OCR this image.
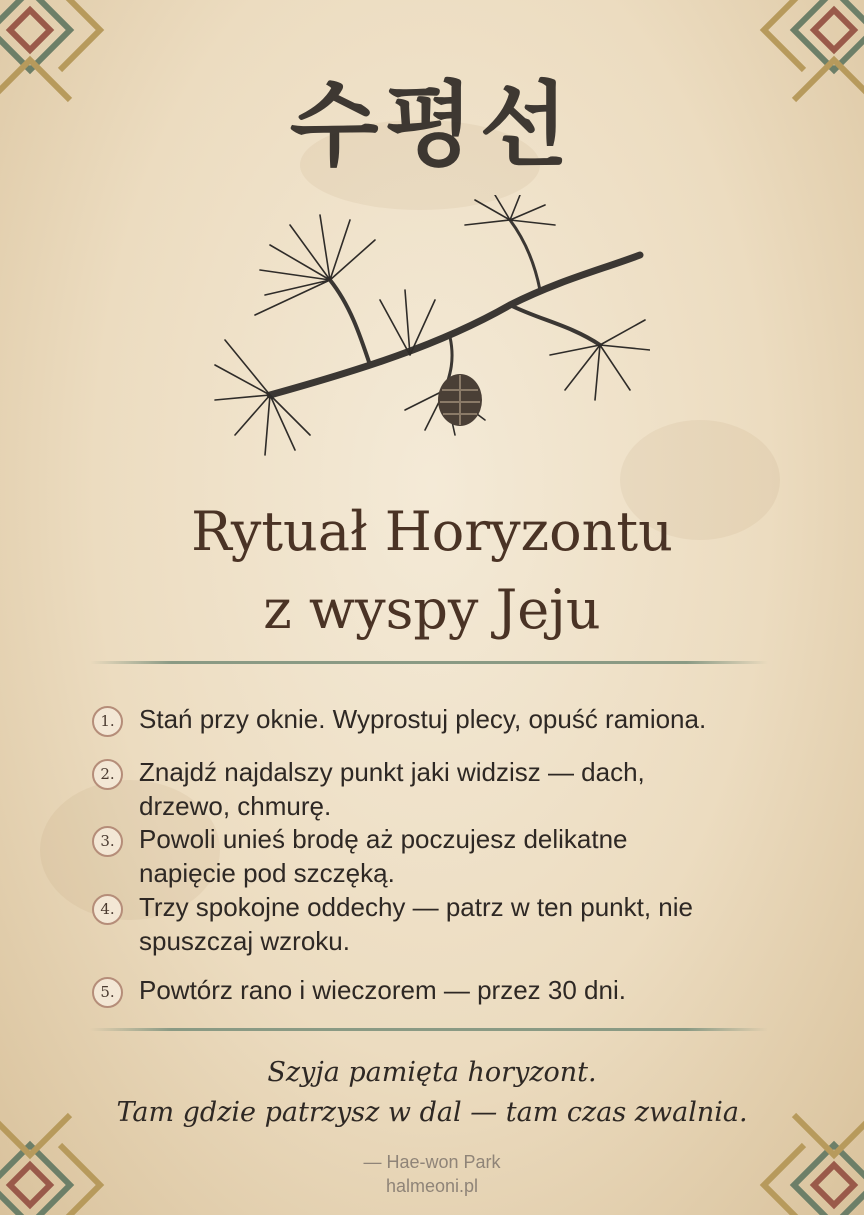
수평선
Rytuał Horyzontu
z wyspy Jeju
1. Stań przy oknie. Wyprostuj plecy, opuść ramiona.
2. Znajdź najdalszy punkt jaki widzisz — dach, drzewo, chmurę.
3. Powoli unieś brodę aż poczujesz delikatne napięcie pod szczęką.
4. Trzy spokojne oddechy — patrz w ten punkt, nie spuszczaj wzroku.
5. Powtórz rano i wieczorem — przez 30 dni.
Szyja pamięta horyzont.
Tam gdzie patrzysz w dal — tam czas zwalnia.
— Hae-won Park
halmeoni.pl
